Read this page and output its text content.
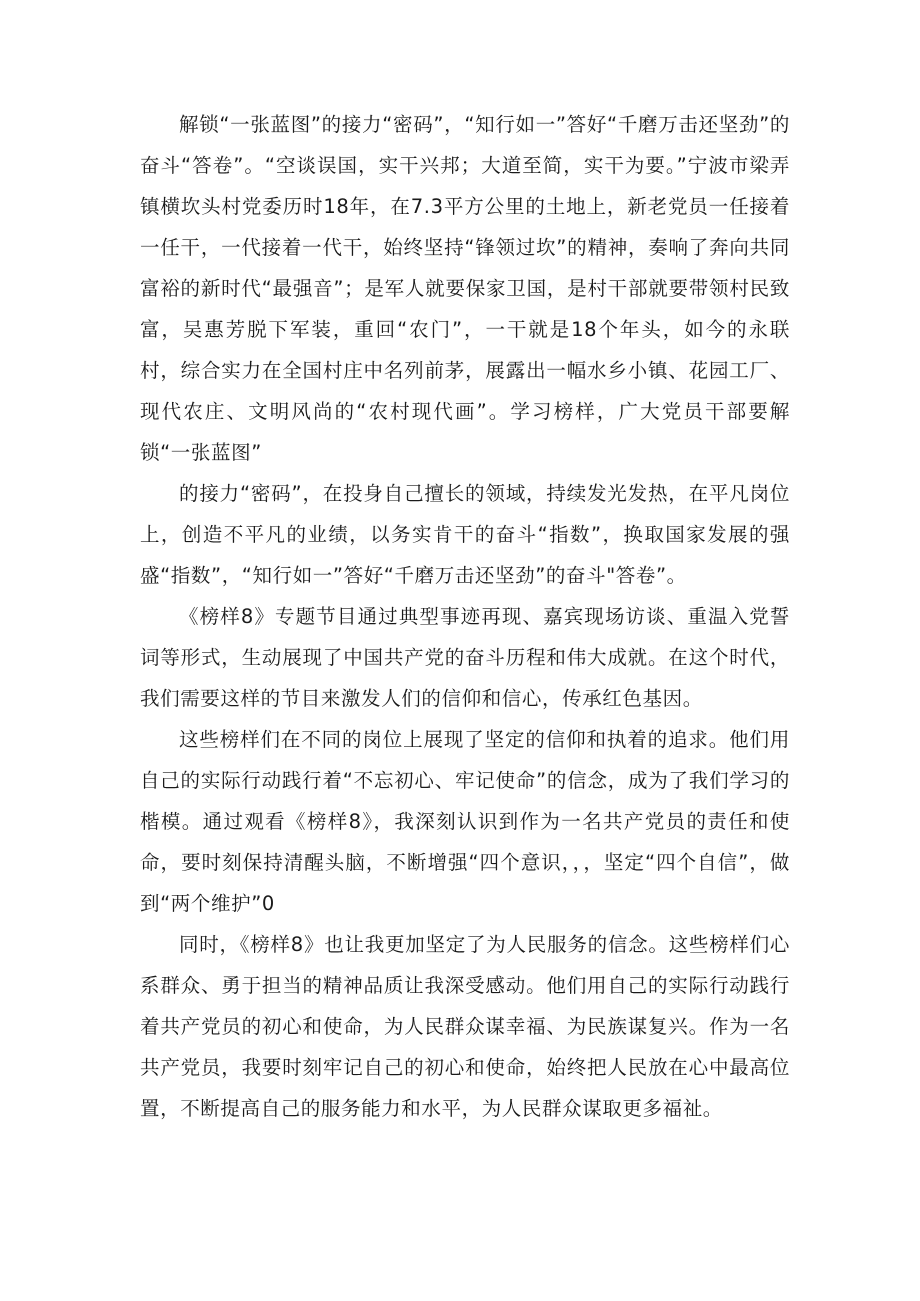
解锁“一张蓝图”的接力“密码”，“知行如一”答好“千磨万击还坚劲”的奋斗“答卷”。“空谈误国，实干兴邦；大道至简，实干为要。”宁波市梁弄镇横坎头村党委历时18年，在7.3平方公里的土地上，新老党员一任接着一任干，一代接着一代干，始终坚持“锋领过坎”的精神，奏响了奔向共同富裕的新时代“最强音”；是军人就要保家卫国，是村干部就要带领村民致富，吴惠芳脱下军装，重回“农门”，一干就是18个年头，如今的永联村，综合实力在全国村庄中名列前茅，展露出一幅水乡小镇、花园工厂、现代农庄、文明风尚的“农村现代画”。学习榜样，广大党员干部要解锁“一张蓝图”

的接力“密码”，在投身自己擅长的领域，持续发光发热，在平凡岗位上，创造不平凡的业绩，以务实肯干的奋斗“指数”，换取国家发展的强盛“指数”，“知行如一”答好“千磨万击还坚劲”的奋斗"答卷”。

《榜样8》专题节目通过典型事迹再现、嘉宾现场访谈、重温入党誓词等形式，生动展现了中国共产党的奋斗历程和伟大成就。在这个时代，我们需要这样的节目来激发人们的信仰和信心，传承红色基因。

这些榜样们在不同的岗位上展现了坚定的信仰和执着的追求。他们用自己的实际行动践行着“不忘初心、牢记使命”的信念，成为了我们学习的楷模。通过观看《榜样8》，我深刻认识到作为一名共产党员的责任和使命，要时刻保持清醒头脑，不断增强“四个意识，，，坚定“四个自信”，做到“两个维护”0

同时，《榜样8》也让我更加坚定了为人民服务的信念。这些榜样们心系群众、勇于担当的精神品质让我深受感动。他们用自己的实际行动践行着共产党员的初心和使命，为人民群众谋幸福、为民族谋复兴。作为一名共产党员，我要时刻牢记自己的初心和使命，始终把人民放在心中最高位置，不断提高自己的服务能力和水平，为人民群众谋取更多福祉。
